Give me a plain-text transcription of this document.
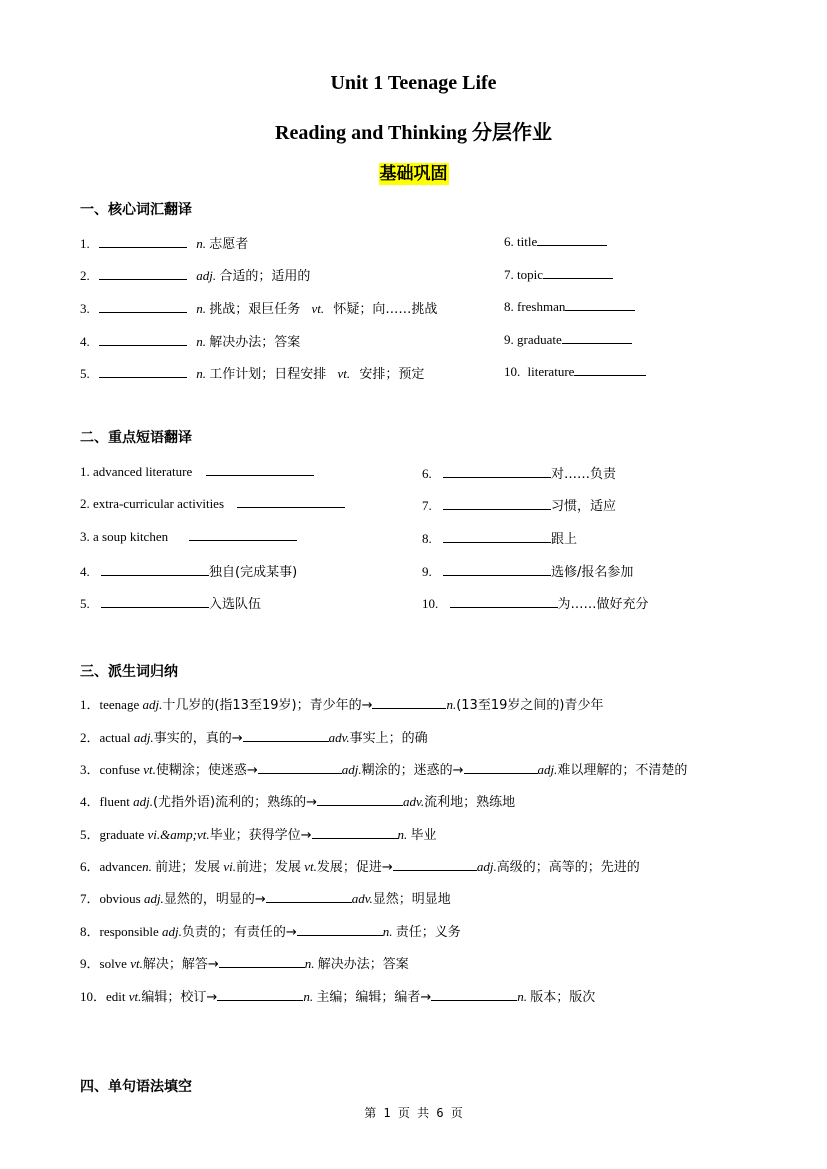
Unit 1 Teenage Life
Reading and Thinking 分层作业
基础巩固
一、核心词汇翻译
1.	n. 志愿者
2.	adj. 合适的；适用的
3.	n. 挑战；艰巨任务 vt. 怀疑；向……挑战
4.	n. 解决办法；答案
5.	n. 工作计划；日程安排 vt. 安排；预定
6. title
7. topic
8. freshman
9. graduate
10. literature
二、重点短语翻译
1. advanced literature
2. extra-curricular activities
3. a soup kitchen
4.	独自(完成某事)
5.	入选队伍
6.	对……负责
7.	习惯，适应
8.	跟上
9.	选修/报名参加
10.	为……做好充分
三、派生词归纳
1．teenage adj.十几岁的(指13至19岁)；青少年的→	n.(13至19岁之间的)青少年
2．actual adj.事实的，真的→	adv.事实上；的确
3．confuse vt.使糊涂；使迷惑→	adj.糊涂的；迷惑的→	adj.难以理解的；不清楚的
4．fluent adj.(尤指外语)流利的；熟练的→	adv.流利地；熟练地
5．graduate vi.&amp;vt.毕业；获得学位→	n. 毕业
6．advancen. 前进；发展 vi.前进；发展 vt.发展；促进→	adj.高级的；高等的；先进的
7．obvious adj.显然的，明显的→	adv.显然；明显地
8．responsible adj.负责的；有责任的→	n. 责任；义务
9．solve vt.解决；解答→	n. 解决办法；答案
10．edit vt.编辑；校订→	n. 主编；编辑；编者→	n. 版本；版次
四、单句语法填空
第 1 页 共 6 页
